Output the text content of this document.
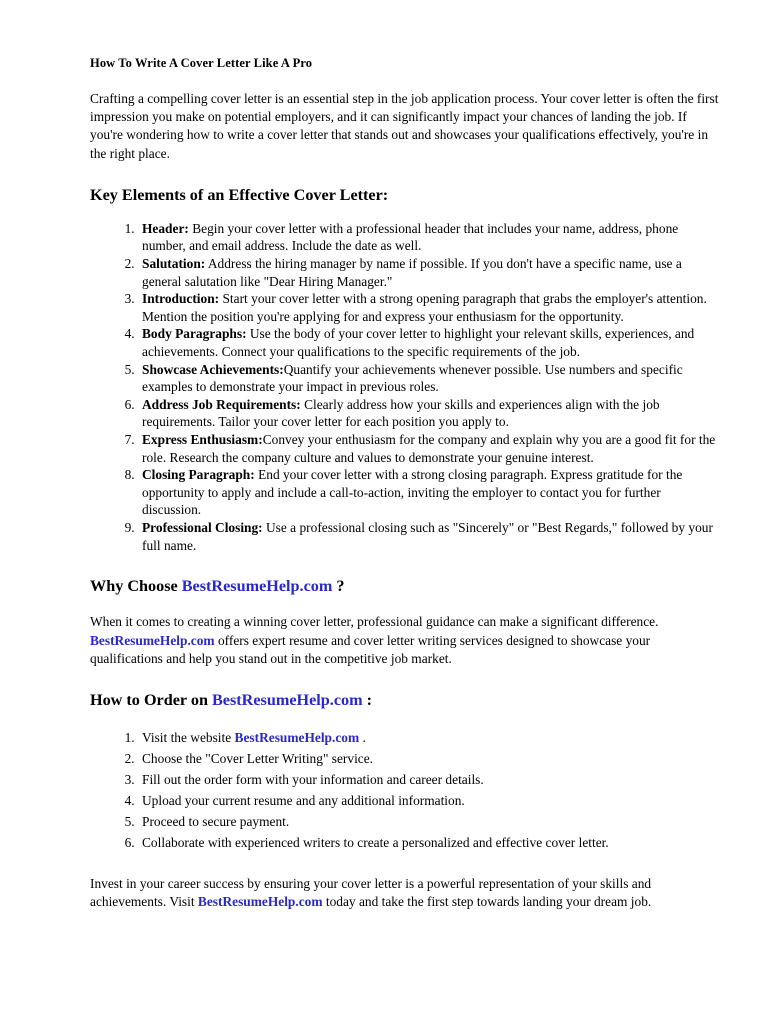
How To Write A Cover Letter Like A Pro

Crafting a compelling cover letter is an essential step in the job application process. Your cover letter is often the first impression you make on potential employers, and it can significantly impact your chances of landing the job. If you're wondering how to write a cover letter that stands out and showcases your qualifications effectively, you're in the right place.

Key Elements of an Effective Cover Letter:
1. Header: Begin your cover letter with a professional header that includes your name, address, phone number, and email address. Include the date as well.
2. Salutation: Address the hiring manager by name if possible. If you don't have a specific name, use a general salutation like "Dear Hiring Manager."
3. Introduction: Start your cover letter with a strong opening paragraph that grabs the employer's attention. Mention the position you're applying for and express your enthusiasm for the opportunity.
4. Body Paragraphs: Use the body of your cover letter to highlight your relevant skills, experiences, and achievements. Connect your qualifications to the specific requirements of the job.
5. Showcase Achievements:Quantify your achievements whenever possible. Use numbers and specific examples to demonstrate your impact in previous roles.
6. Address Job Requirements: Clearly address how your skills and experiences align with the job requirements. Tailor your cover letter for each position you apply to.
7. Express Enthusiasm:Convey your enthusiasm for the company and explain why you are a good fit for the role. Research the company culture and values to demonstrate your genuine interest.
8. Closing Paragraph: End your cover letter with a strong closing paragraph. Express gratitude for the opportunity to apply and include a call-to-action, inviting the employer to contact you for further discussion.
9. Professional Closing: Use a professional closing such as "Sincerely" or "Best Regards," followed by your full name.
Why Choose BestResumeHelp.com ?

When it comes to creating a winning cover letter, professional guidance can make a significant difference. BestResumeHelp.com offers expert resume and cover letter writing services designed to showcase your qualifications and help you stand out in the competitive job market.

How to Order on BestResumeHelp.com :
1. Visit the website BestResumeHelp.com .
2. Choose the "Cover Letter Writing" service.
3. Fill out the order form with your information and career details.
4. Upload your current resume and any additional information.
5. Proceed to secure payment.
6. Collaborate with experienced writers to create a personalized and effective cover letter.

Invest in your career success by ensuring your cover letter is a powerful representation of your skills and achievements. Visit BestResumeHelp.com today and take the first step towards landing your dream job.
